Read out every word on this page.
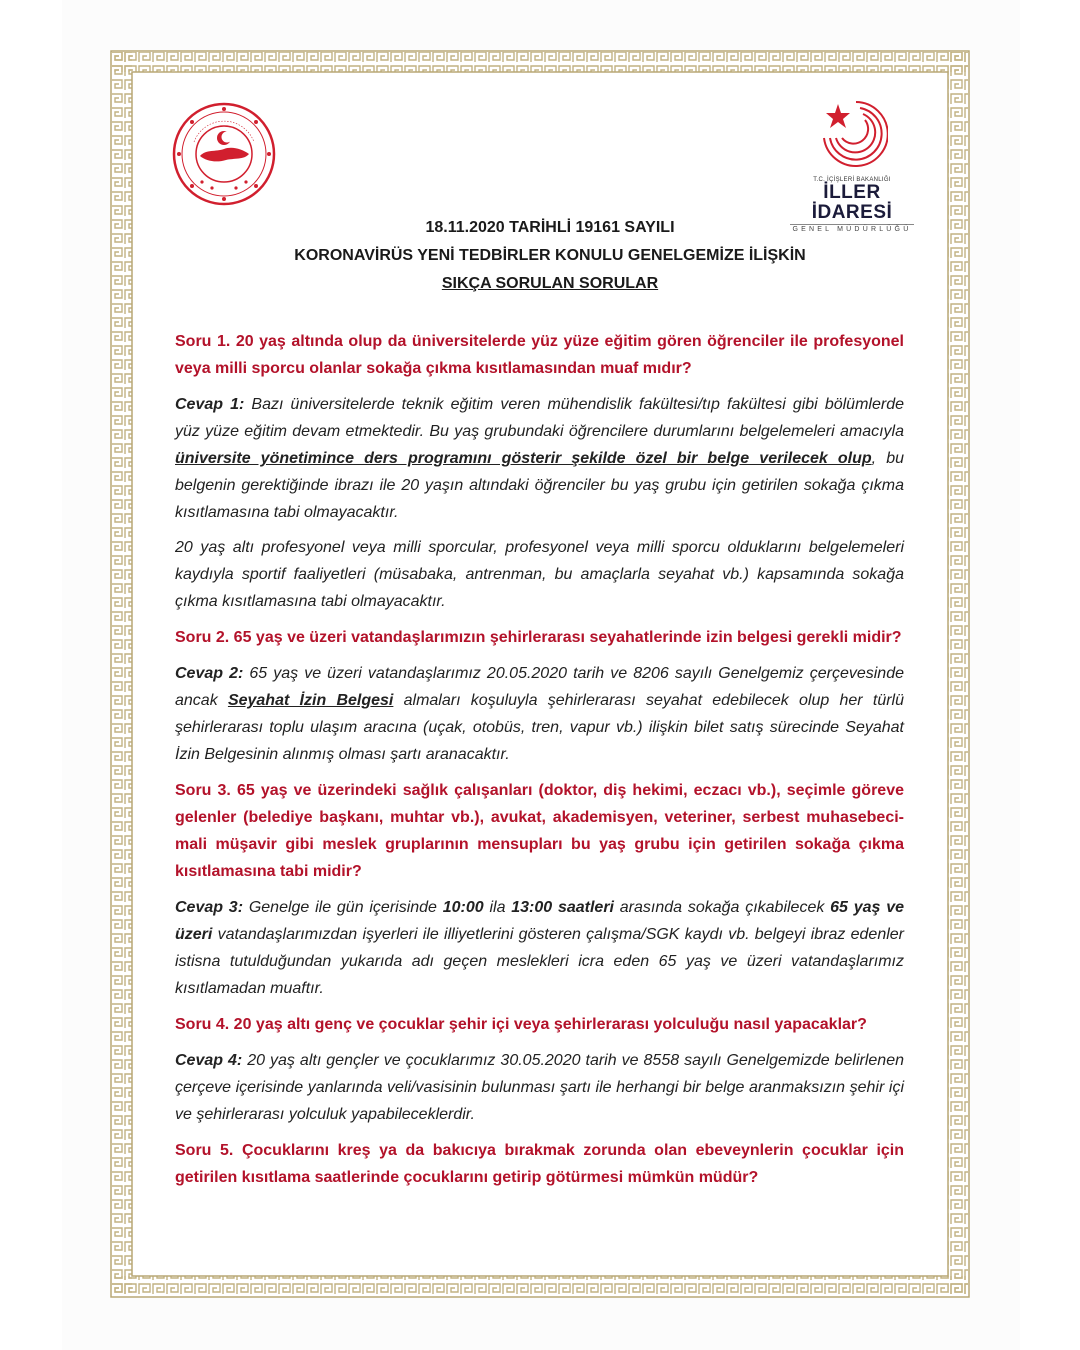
T.C. İÇİŞLERİ BAKANLIĞI
İLLER İDARESİ
GENEL MÜDÜRLÜĞÜ
18.11.2020 TARİHLİ 19161 SAYILI
KORONAVİRÜS YENİ TEDBİRLER KONULU GENELGEMİZE İLİŞKİN
SIKÇA SORULAN SORULAR

Soru 1. 20 yaş altında olup da üniversitelerde yüz yüze eğitim gören öğrenciler ile profesyonel veya milli sporcu olanlar sokağa çıkma kısıtlamasından muaf mıdır?

Cevap 1: Bazı üniversitelerde teknik eğitim veren mühendislik fakültesi/tıp fakültesi gibi bölümlerde yüz yüze eğitim devam etmektedir. Bu yaş grubundaki öğrencilere durumlarını belgelemeleri amacıyla üniversite yönetimince ders programını gösterir şekilde özel bir belge verilecek olup, bu belgenin gerektiğinde ibrazı ile 20 yaşın altındaki öğrenciler bu yaş grubu için getirilen sokağa çıkma kısıtlamasına tabi olmayacaktır.

20 yaş altı profesyonel veya milli sporcular, profesyonel veya milli sporcu olduklarını belgelemeleri kaydıyla sportif faaliyetleri (müsabaka, antrenman, bu amaçlarla seyahat vb.) kapsamında sokağa çıkma kısıtlamasına tabi olmayacaktır.

Soru 2. 65 yaş ve üzeri vatandaşlarımızın şehirlerarası seyahatlerinde izin belgesi gerekli midir?

Cevap 2: 65 yaş ve üzeri vatandaşlarımız 20.05.2020 tarih ve 8206 sayılı Genelgemiz çerçevesinde ancak Seyahat İzin Belgesi almaları koşuluyla şehirlerarası seyahat edebilecek olup her türlü şehirlerarası toplu ulaşım aracına (uçak, otobüs, tren, vapur vb.) ilişkin bilet satış sürecinde Seyahat İzin Belgesinin alınmış olması şartı aranacaktır.

Soru 3. 65 yaş ve üzerindeki sağlık çalışanları (doktor, diş hekimi, eczacı vb.), seçimle göreve gelenler (belediye başkanı, muhtar vb.), avukat, akademisyen, veteriner, serbest muhasebeci-mali müşavir gibi meslek gruplarının mensupları bu yaş grubu için getirilen sokağa çıkma kısıtlamasına tabi midir?

Cevap 3: Genelge ile gün içerisinde 10:00 ila 13:00 saatleri arasında sokağa çıkabilecek 65 yaş ve üzeri vatandaşlarımızdan işyerleri ile illiyetlerini gösteren çalışma/SGK kaydı vb. belgeyi ibraz edenler istisna tutulduğundan yukarıda adı geçen meslekleri icra eden 65 yaş ve üzeri vatandaşlarımız kısıtlamadan muaftır.

Soru 4. 20 yaş altı genç ve çocuklar şehir içi veya şehirlerarası yolculuğu nasıl yapacaklar?

Cevap 4: 20 yaş altı gençler ve çocuklarımız 30.05.2020 tarih ve 8558 sayılı Genelgemizde belirlenen çerçeve içerisinde yanlarında veli/vasisinin bulunması şartı ile herhangi bir belge aranmaksızın şehir içi ve şehirlerarası yolculuk yapabileceklerdir.

Soru 5. Çocuklarını kreş ya da bakıcıya bırakmak zorunda olan ebeveynlerin çocuklar için getirilen kısıtlama saatlerinde çocuklarını getirip götürmesi mümkün müdür?
